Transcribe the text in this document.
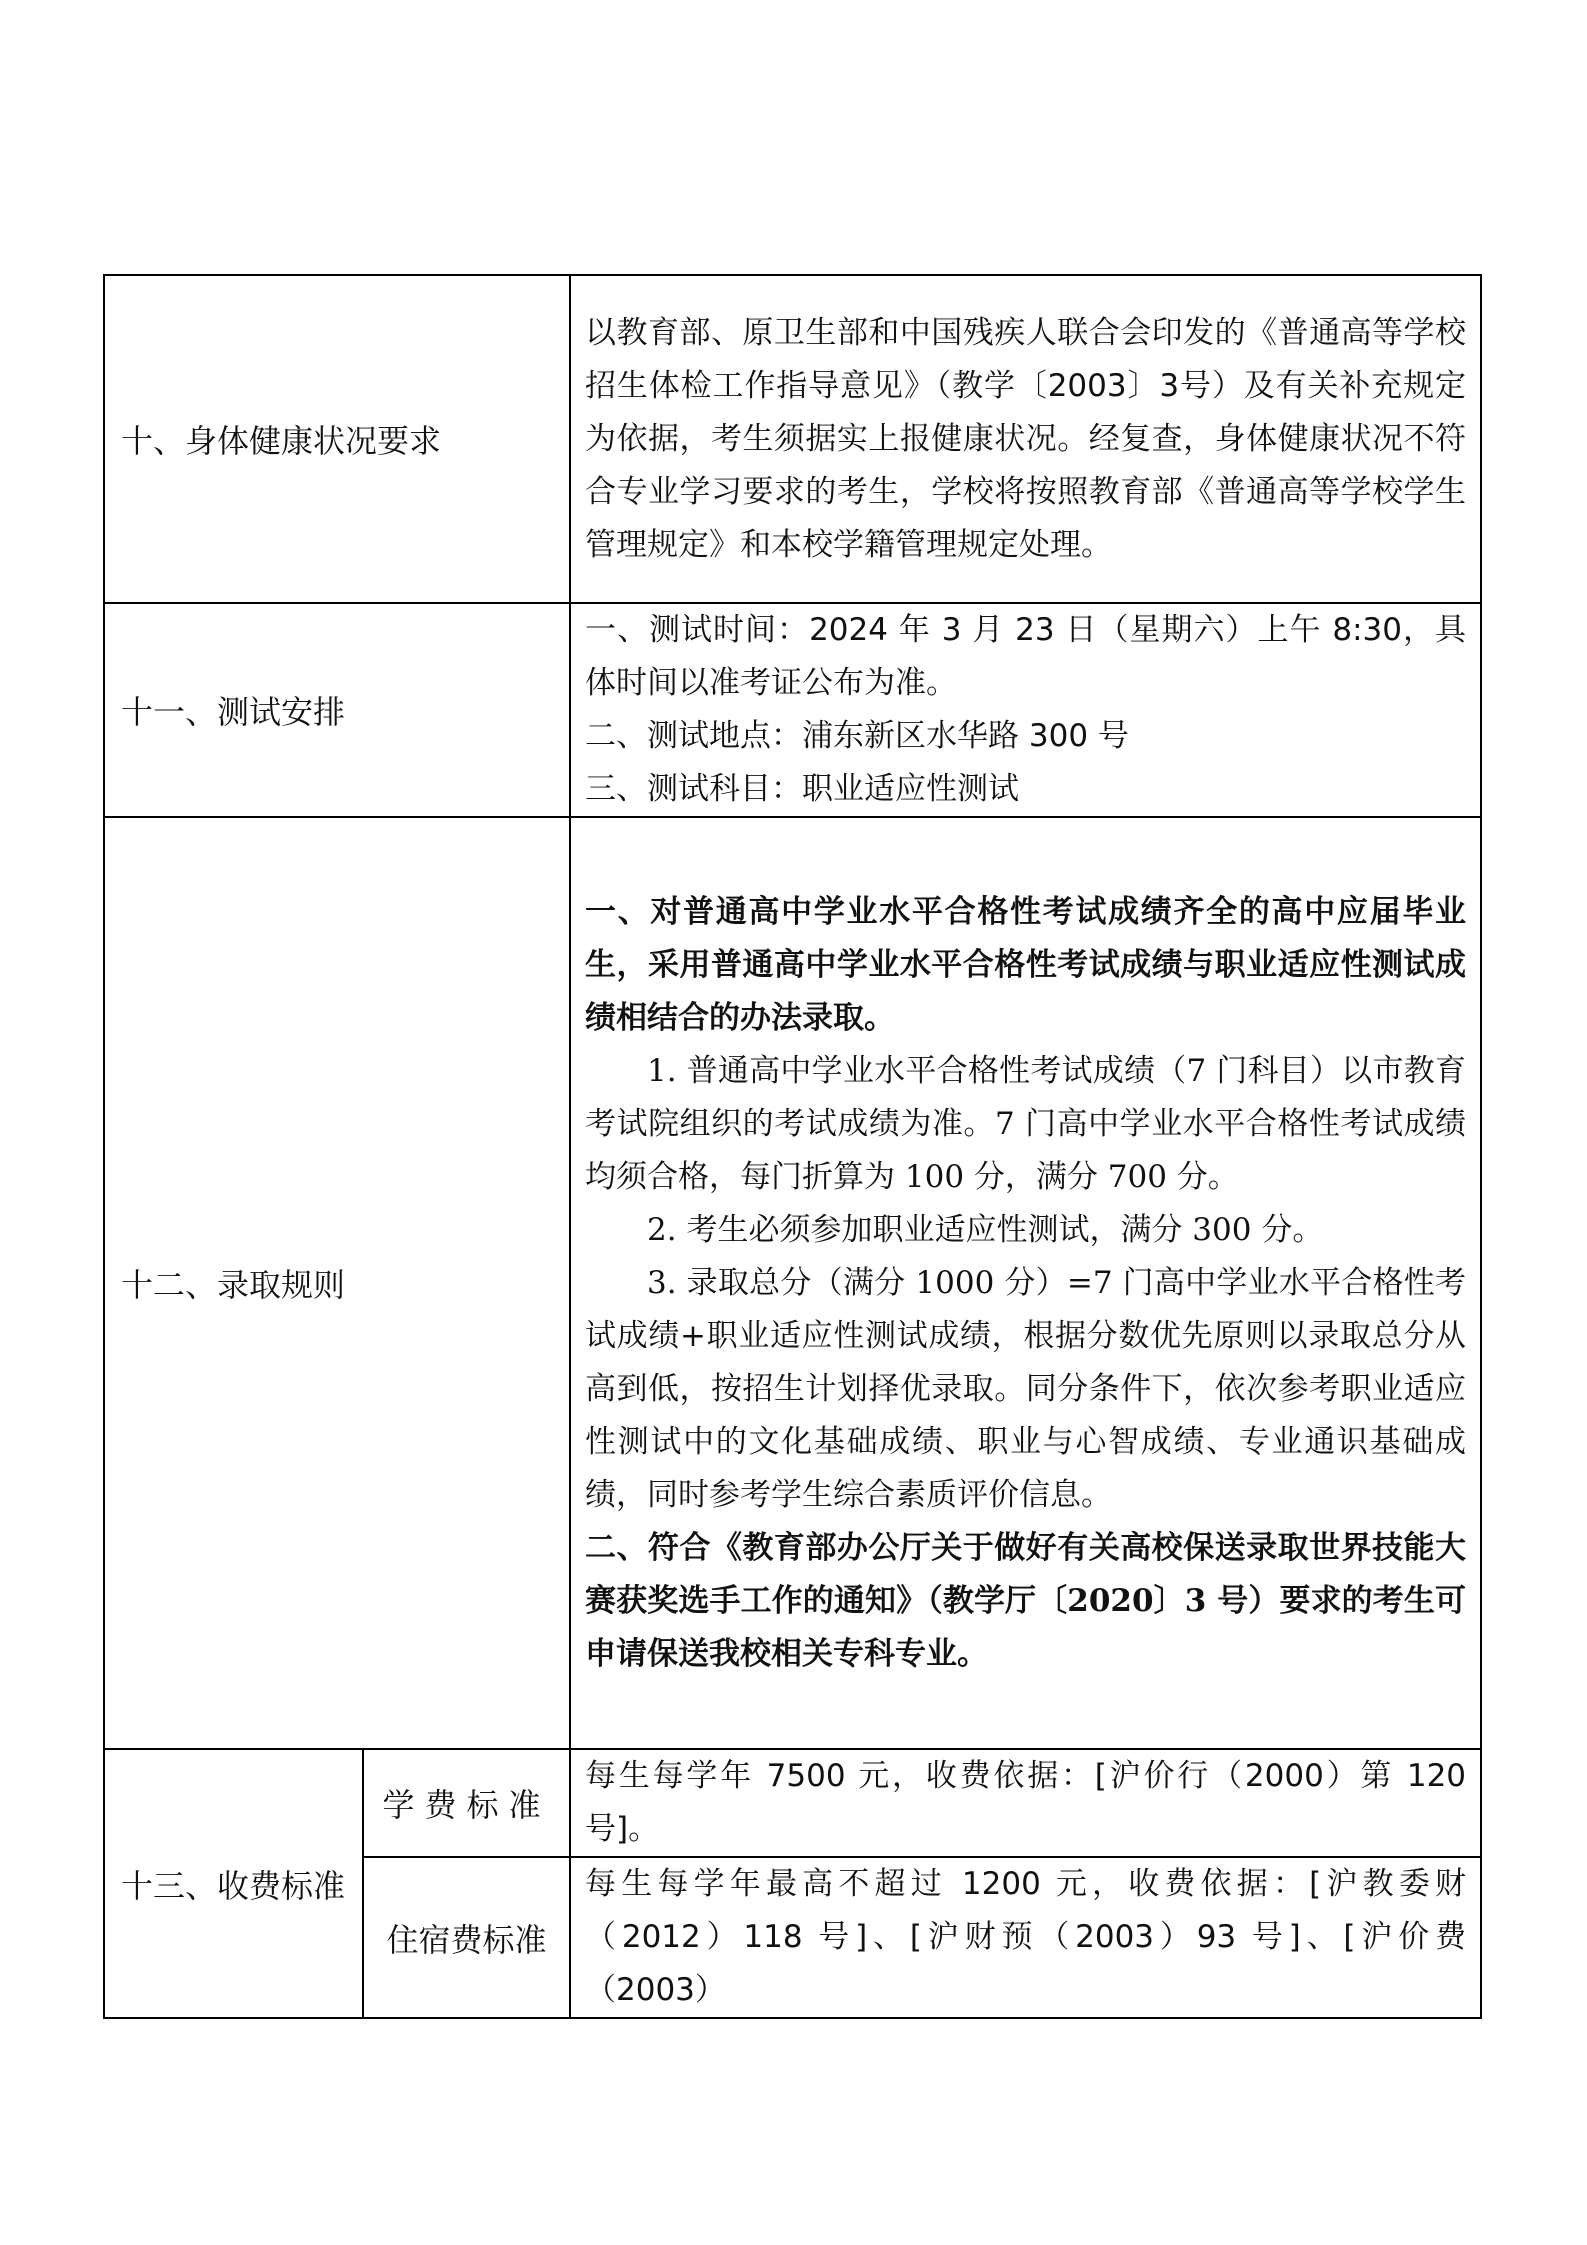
十、身体健康状况要求		以教育部、原卫生部和中国残疾人联合会印发的《普通高等学校招生体检工作指导意见》（教学〔2003〕3号）及有关补充规定为依据，考生须据实上报健康状况。经复查，身体健康状况不符合专业学习要求的考生，学校将按照教育部《普通高等学校学生管理规定》和本校学籍管理规定处理。

十一、测试安排		一、测试时间：2024 年 3 月 23 日（星期六）上午 8:30，具体时间以准考证公布为准。

二、测试地点：浦东新区水华路 300 号

三、测试科目：职业适应性测试

十二、录取规则		一、对普通高中学业水平合格性考试成绩齐全的高中应届毕业生，采用普通高中学业水平合格性考试成绩与职业适应性测试成绩相结合的办法录取。

1. 普通高中学业水平合格性考试成绩（7 门科目）以市教育考试院组织的考试成绩为准。7 门高中学业水平合格性考试成绩均须合格，每门折算为 100 分，满分 700 分。

2. 考生必须参加职业适应性测试，满分 300 分。

3. 录取总分（满分 1000 分）=7 门高中学业水平合格性考试成绩+职业适应性测试成绩，根据分数优先原则以录取总分从高到低，按招生计划择优录取。同分条件下，依次参考职业适应性测试中的文化基础成绩、职业与心智成绩、专业通识基础成绩，同时参考学生综合素质评价信息。

二、符合《教育部办公厅关于做好有关高校保送录取世界技能大赛获奖选手工作的通知》（教学厅〔2020〕3 号）要求的考生可申请保送我校相关专科专业。

十三、收费标准	学费标准	每生每学年 7500 元，收费依据：[沪价行（2000）第 120 号]。

	住宿费标准	每生每学年最高不超过 1200 元，收费依据：[沪教委财（2012）118 号]、[沪财预（2003）93 号]、[沪价费（2003）
